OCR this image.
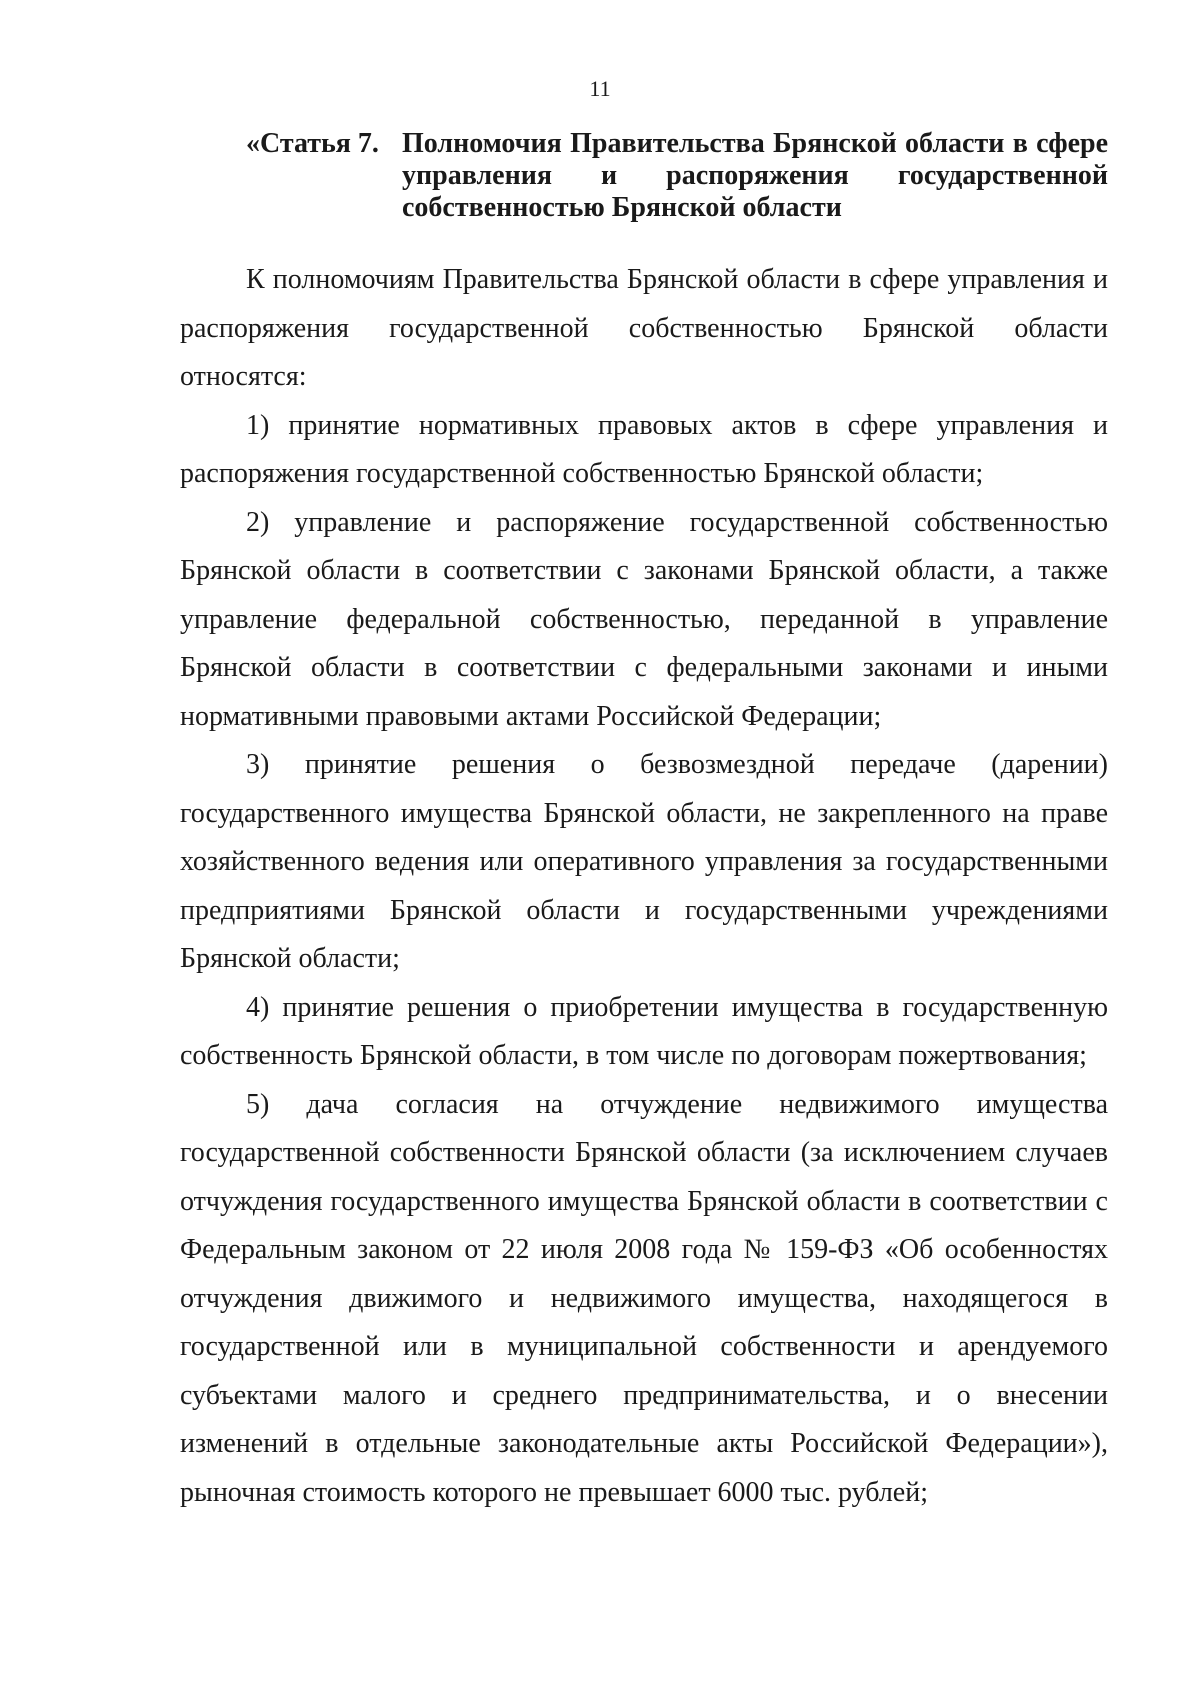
11
«Статья 7. Полномочия Правительства Брянской области в сфере управления и распоряжения государственной собственностью Брянской области

К полномочиям Правительства Брянской области в сфере управления и распоряжения государственной собственностью Брянской области относятся:

1) принятие нормативных правовых актов в сфере управления и распоряжения государственной собственностью Брянской области;

2) управление и распоряжение государственной собственностью Брянской области в соответствии с законами Брянской области, а также управление федеральной собственностью, переданной в управление Брянской области в соответствии с федеральными законами и иными нормативными правовыми актами Российской Федерации;

3) принятие решения о безвозмездной передаче (дарении) государственного имущества Брянской области, не закрепленного на праве хозяйственного ведения или оперативного управления за государственными предприятиями Брянской области и государственными учреждениями Брянской области;

4) принятие решения о приобретении имущества в государственную собственность Брянской области, в том числе по договорам пожертвования;

5) дача согласия на отчуждение недвижимого имущества государственной собственности Брянской области (за исключением случаев отчуждения государственного имущества Брянской области в соответствии с Федеральным законом от 22 июля 2008 года № 159-ФЗ «Об особенностях отчуждения движимого и недвижимого имущества, находящегося в государственной или в муниципальной собственности и арендуемого субъектами малого и среднего предпринимательства, и о внесении изменений в отдельные законодательные акты Российской Федерации»), рыночная стоимость которого не превышает 6000 тыс. рублей;
